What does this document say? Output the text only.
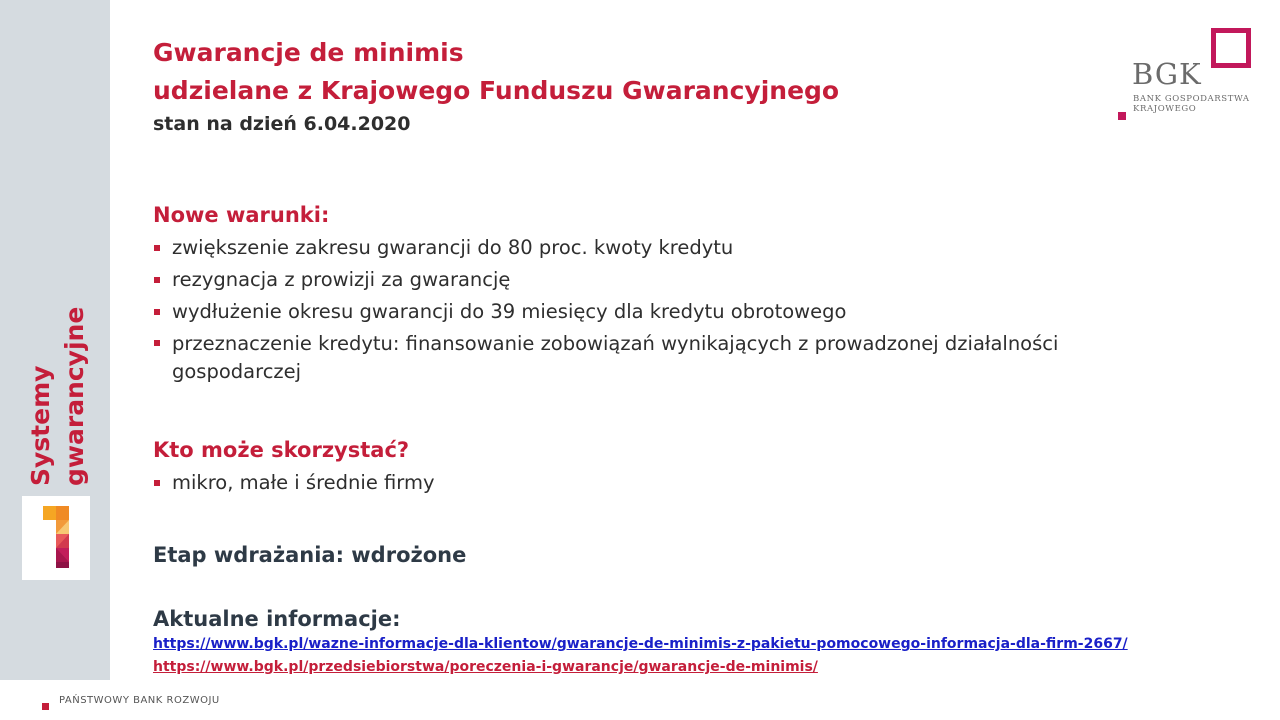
Systemy gwarancyjne
Gwarancje de minimis
udzielane z Krajowego Funduszu Gwarancyjnego
stan na dzień 6.04.2020
BGK
BANK GOSPODARSTWA
KRAJOWEGO
Nowe warunki:
zwiększenie zakresu gwarancji do 80 proc. kwoty kredytu
rezygnacja z prowizji za gwarancję
wydłużenie okresu gwarancji do 39 miesięcy dla kredytu obrotowego
przeznaczenie kredytu: finansowanie zobowiązań wynikających z prowadzonej działalności gospodarczej
Kto może skorzystać?
mikro, małe i średnie firmy
Etap wdrażania: wdrożone
Aktualne informacje:
https://www.bgk.pl/wazne-informacje-dla-klientow/gwarancje-de-minimis-z-pakietu-pomocowego-informacja-dla-firm-2667/
https://www.bgk.pl/przedsiebiorstwa/poreczenia-i-gwarancje/gwarancje-de-minimis/
PAŃSTWOWY BANK ROZWOJU
